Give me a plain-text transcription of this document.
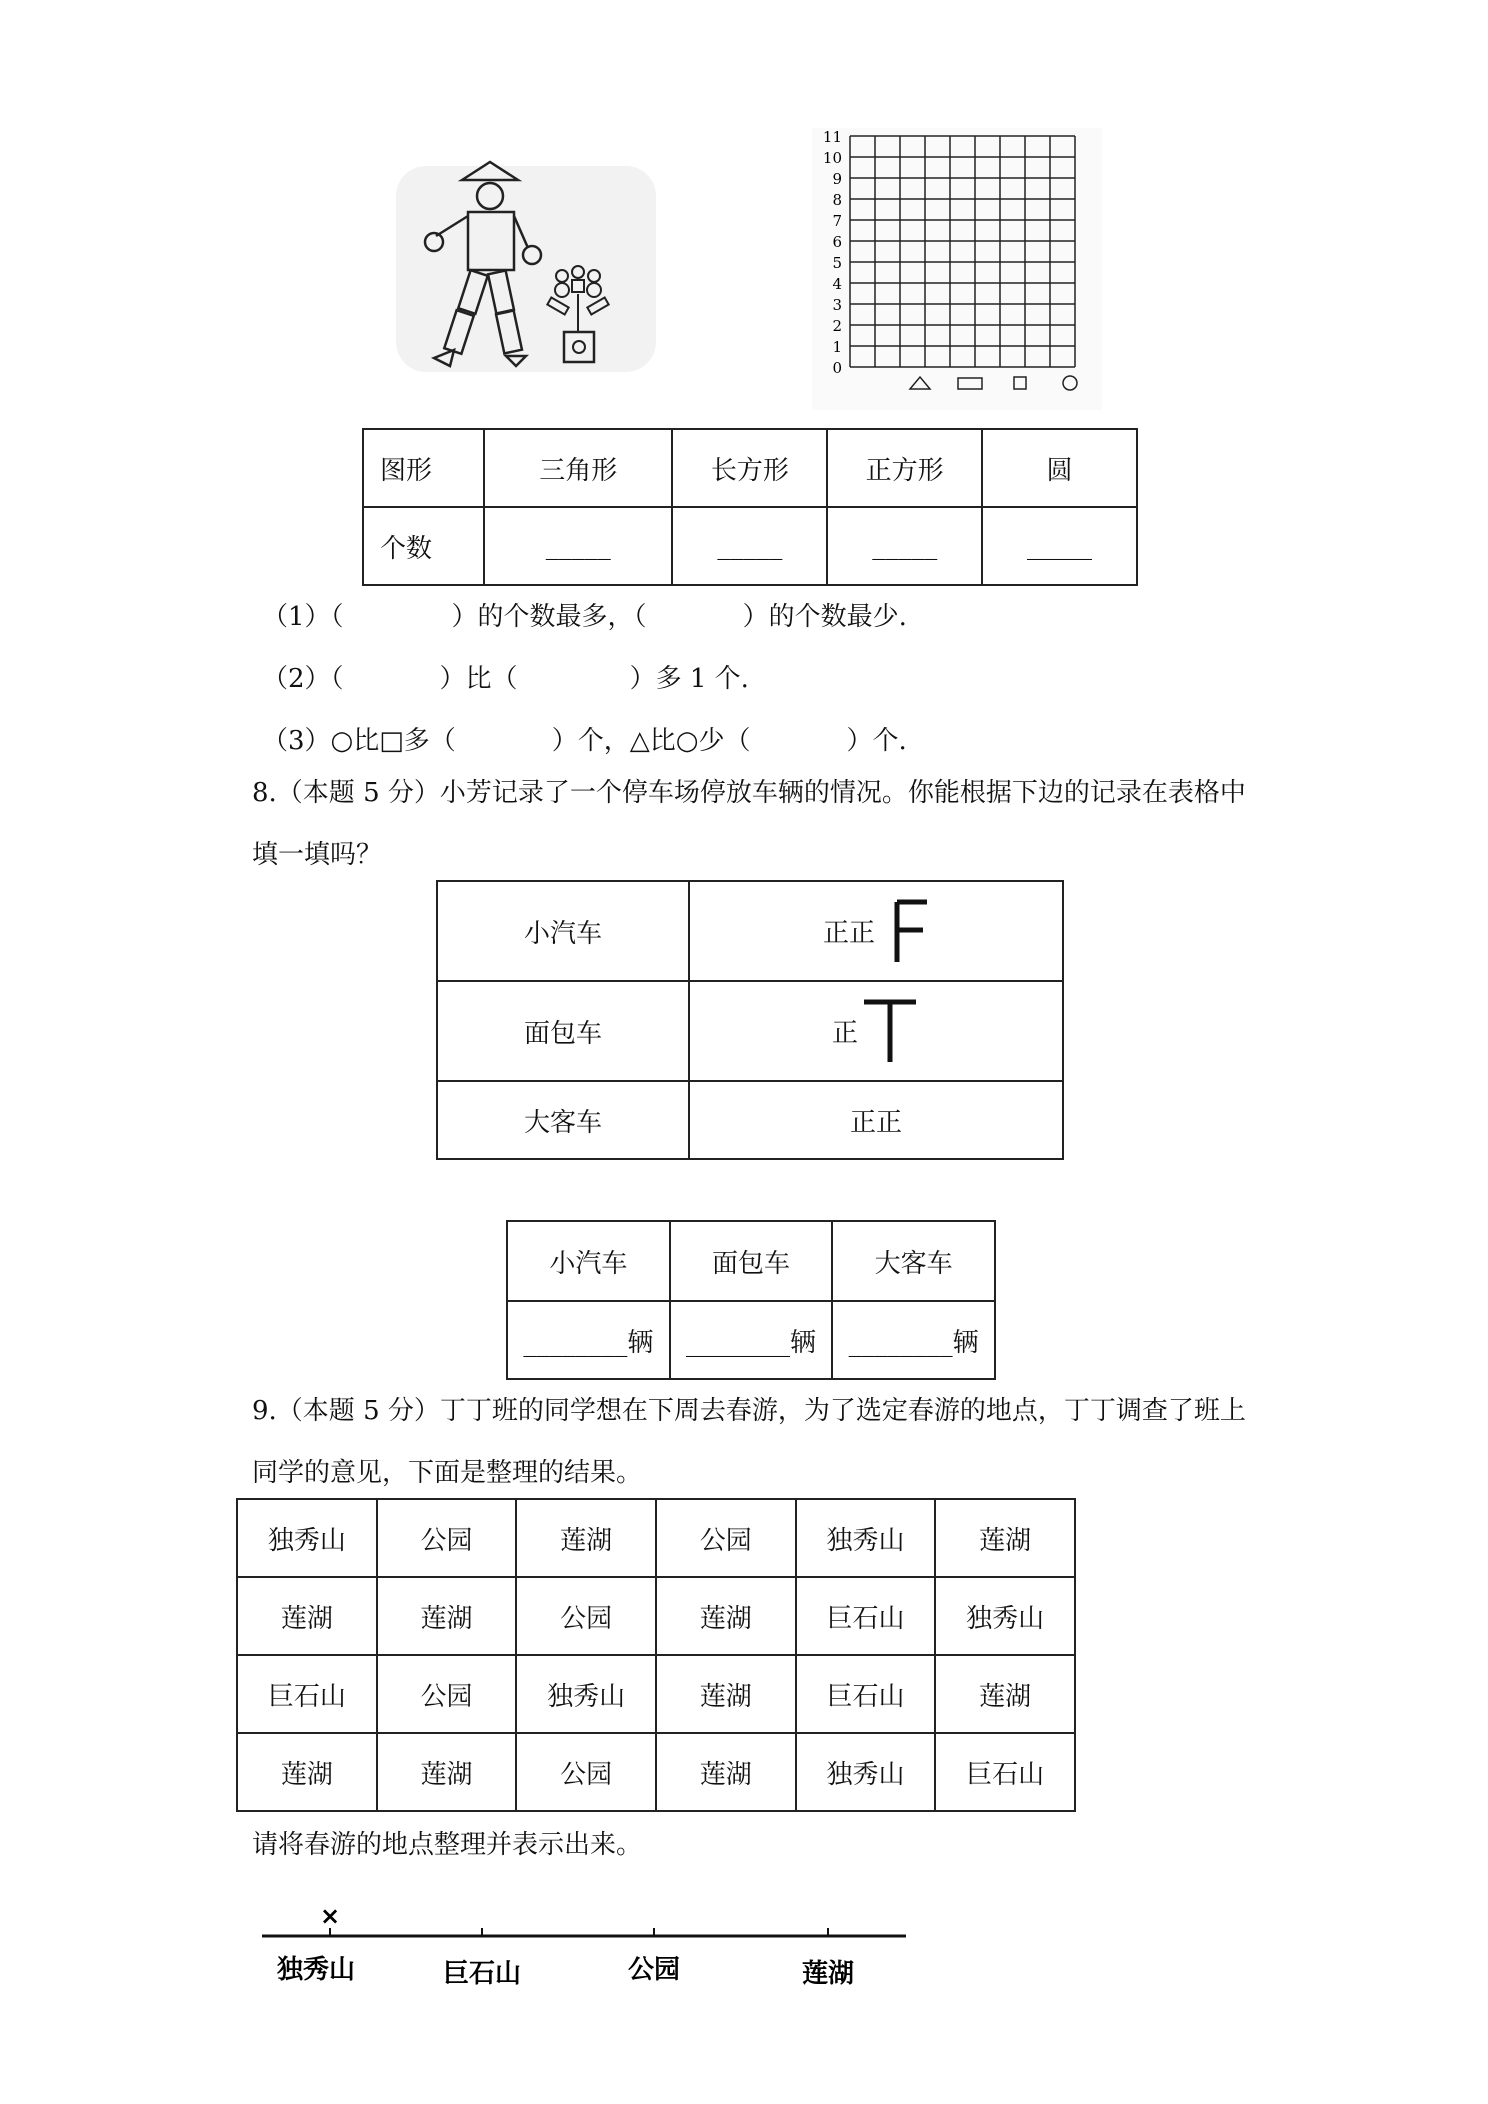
0
1
2
3
4
5
6
7
8
9
10
11
图形	三角形	长方形	正方形	圆
个数	_____	_____	_____	_____
（1）（	）的个数最多，（	）的个数最少.
（2）（	）比（	）多 1 个.
（3）○比□多（	）个，△比○少（	）个.
8.（本题 5 分）小芳记录了一个停车场停放车辆的情况。你能根据下边的记录在表格中
填一填吗？
小汽车	正正
面包车	正
大客车	正正
小汽车	面包车	大客车
________辆	________辆	________辆
9.（本题 5 分）丁丁班的同学想在下周去春游，为了选定春游的地点，丁丁调查了班上
同学的意见，下面是整理的结果。
独秀山	公园	莲湖	公园	独秀山	莲湖
莲湖	莲湖	公园	莲湖	巨石山	独秀山
巨石山	公园	独秀山	莲湖	巨石山	莲湖
莲湖	莲湖	公园	莲湖	独秀山	巨石山
请将春游的地点整理并表示出来。
×
独秀山	巨石山	公园	莲湖
